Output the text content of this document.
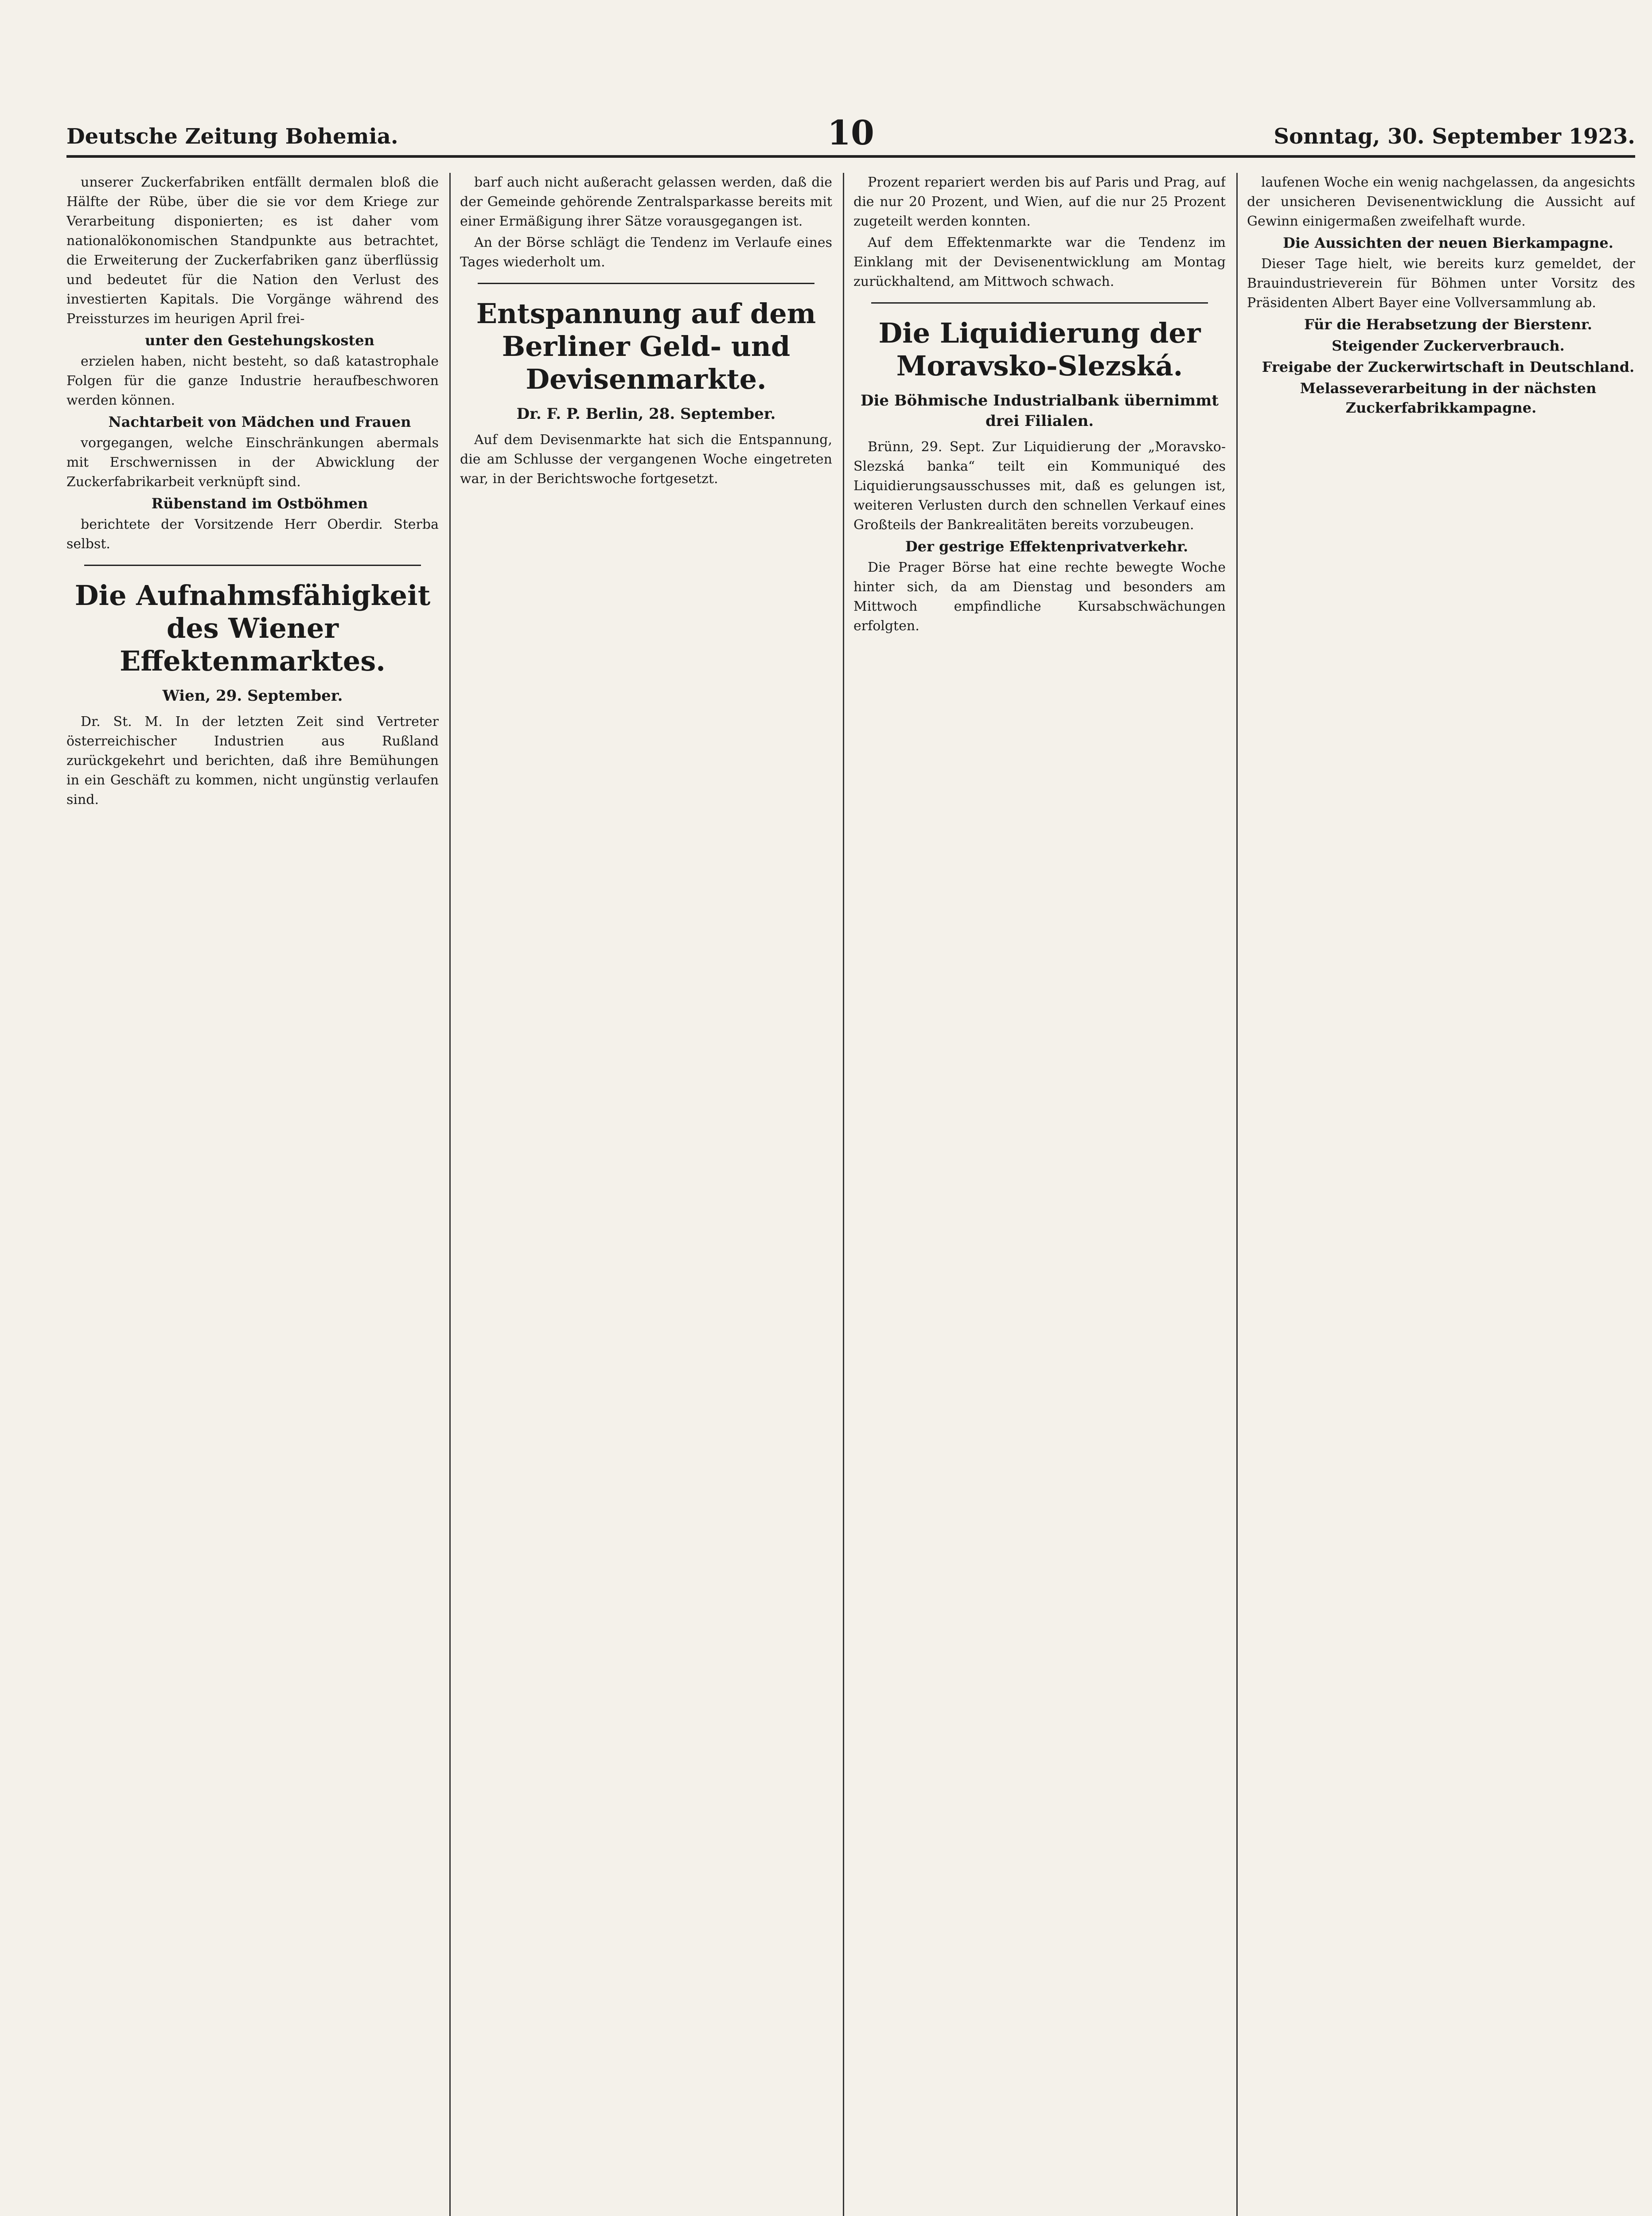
Deutsche Zeitung Bohemia.	10	Sonntag, 30. September 1923.

unserer Zuckerfabriken entfällt dermalen bloß die Hälfte der Rübe, über die sie vor dem Kriege zur Verarbeitung disponierten; es ist daher vom nationalökonomischen Standpunkte aus betrachtet, die Erweiterung der Zuckerfabriken ganz überflüssig und bedeutet für die Nation den Verlust des investierten Kapitals. Die Vorgänge während des Preissturzes im heurigen April frei-

unter den Gestehungskosten

erzielen haben, nicht besteht, so daß katastrophale Folgen für die ganze Industrie heraufbeschworen werden können.

Nachtarbeit von Mädchen und Frauen

vorgegangen, welche Einschränkungen abermals mit Erschwernissen in der Abwicklung der Zuckerfabrikarbeit verknüpft sind.

Rübenstand im Ostböhmen

berichtete der Vorsitzende Herr Oberdir. Sterba selbst.

Die Aufnahmsfähigkeit des Wiener Effektenmarktes.
Wien, 29. September.

Dr. St. M. In der letzten Zeit sind Vertreter österreichischer Industrien aus Rußland zurückgekehrt und berichten, daß ihre Bemühungen in ein Geschäft zu kommen, nicht ungünstig verlaufen sind.

barf auch nicht außeracht gelassen werden, daß die der Gemeinde gehörende Zentralsparkasse bereits mit einer Ermäßigung ihrer Sätze vorausgegangen ist.

An der Börse schlägt die Tendenz im Verlaufe eines Tages wiederholt um.

Entspannung auf dem Berliner Geld- und Devisenmarkte.
Dr. F. P. Berlin, 28. September.

Auf dem Devisenmarkte hat sich die Entspannung, die am Schlusse der vergangenen Woche eingetreten war, in der Berichtswoche fortgesetzt.

Prozent repariert werden bis auf Paris und Prag, auf die nur 20 Prozent, und Wien, auf die nur 25 Prozent zugeteilt werden konnten.

Auf dem Effektenmarkte war die Tendenz im Einklang mit der Devisenentwicklung am Montag zurückhaltend, am Mittwoch schwach.

Die Liquidierung der Moravsko-Slezská.
Die Böhmische Industrialbank übernimmt drei Filialen.

Brünn, 29. Sept. Zur Liquidierung der „Moravsko-Slezská banka“ teilt ein Kommuniqué des Liquidierungsausschusses mit, daß es gelungen ist, weiteren Verlusten durch den schnellen Verkauf eines Großteils der Bankrealitäten bereits vorzubeugen.

Der gestrige Effektenprivatverkehr.

Die Prager Börse hat eine rechte bewegte Woche hinter sich, da am Dienstag und besonders am Mittwoch empfindliche Kursabschwächungen erfolgten.

laufenen Woche ein wenig nachgelassen, da angesichts der unsicheren Devisenentwicklung die Aussicht auf Gewinn einigermaßen zweifelhaft wurde.

Die Aussichten der neuen Bierkampagne.

Dieser Tage hielt, wie bereits kurz gemeldet, der Brauindustrieverein für Böhmen unter Vorsitz des Präsidenten Albert Bayer eine Vollversammlung ab.

Für die Herabsetzung der Bierstenr.

Steigender Zuckerverbrauch.

Freigabe der Zuckerwirtschaft in Deutschland.

Melasseverarbeitung in der nächsten Zuckerfabrikkampagne.
